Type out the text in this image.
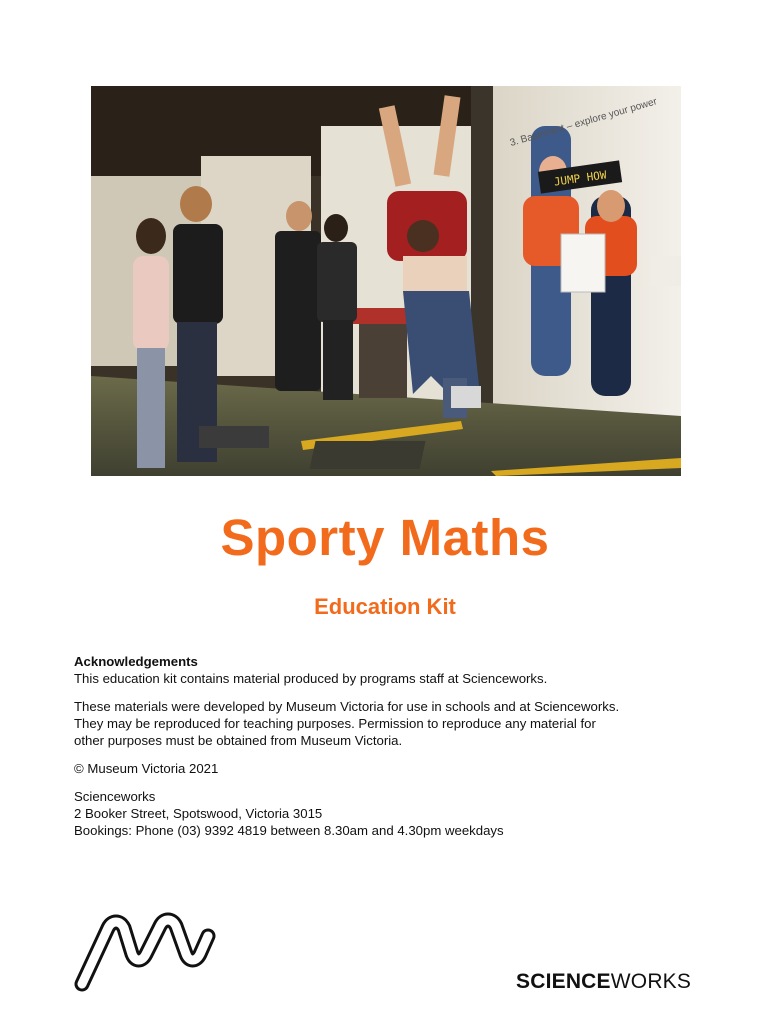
JUMP HOW
3. Basement – explore your power
Sporty Maths
Education Kit

Acknowledgements
This education kit contains material produced by programs staff at Scienceworks.

These materials were developed by Museum Victoria for use in schools and at Scienceworks.
They may be reproduced for teaching purposes. Permission to reproduce any material for
other purposes must be obtained from Museum Victoria.

© Museum Victoria 2021

Scienceworks
2 Booker Street, Spotswood, Victoria 3015
Bookings: Phone (03) 9392 4819 between 8.30am and 4.30pm weekdays

SCIENCEWORKS
